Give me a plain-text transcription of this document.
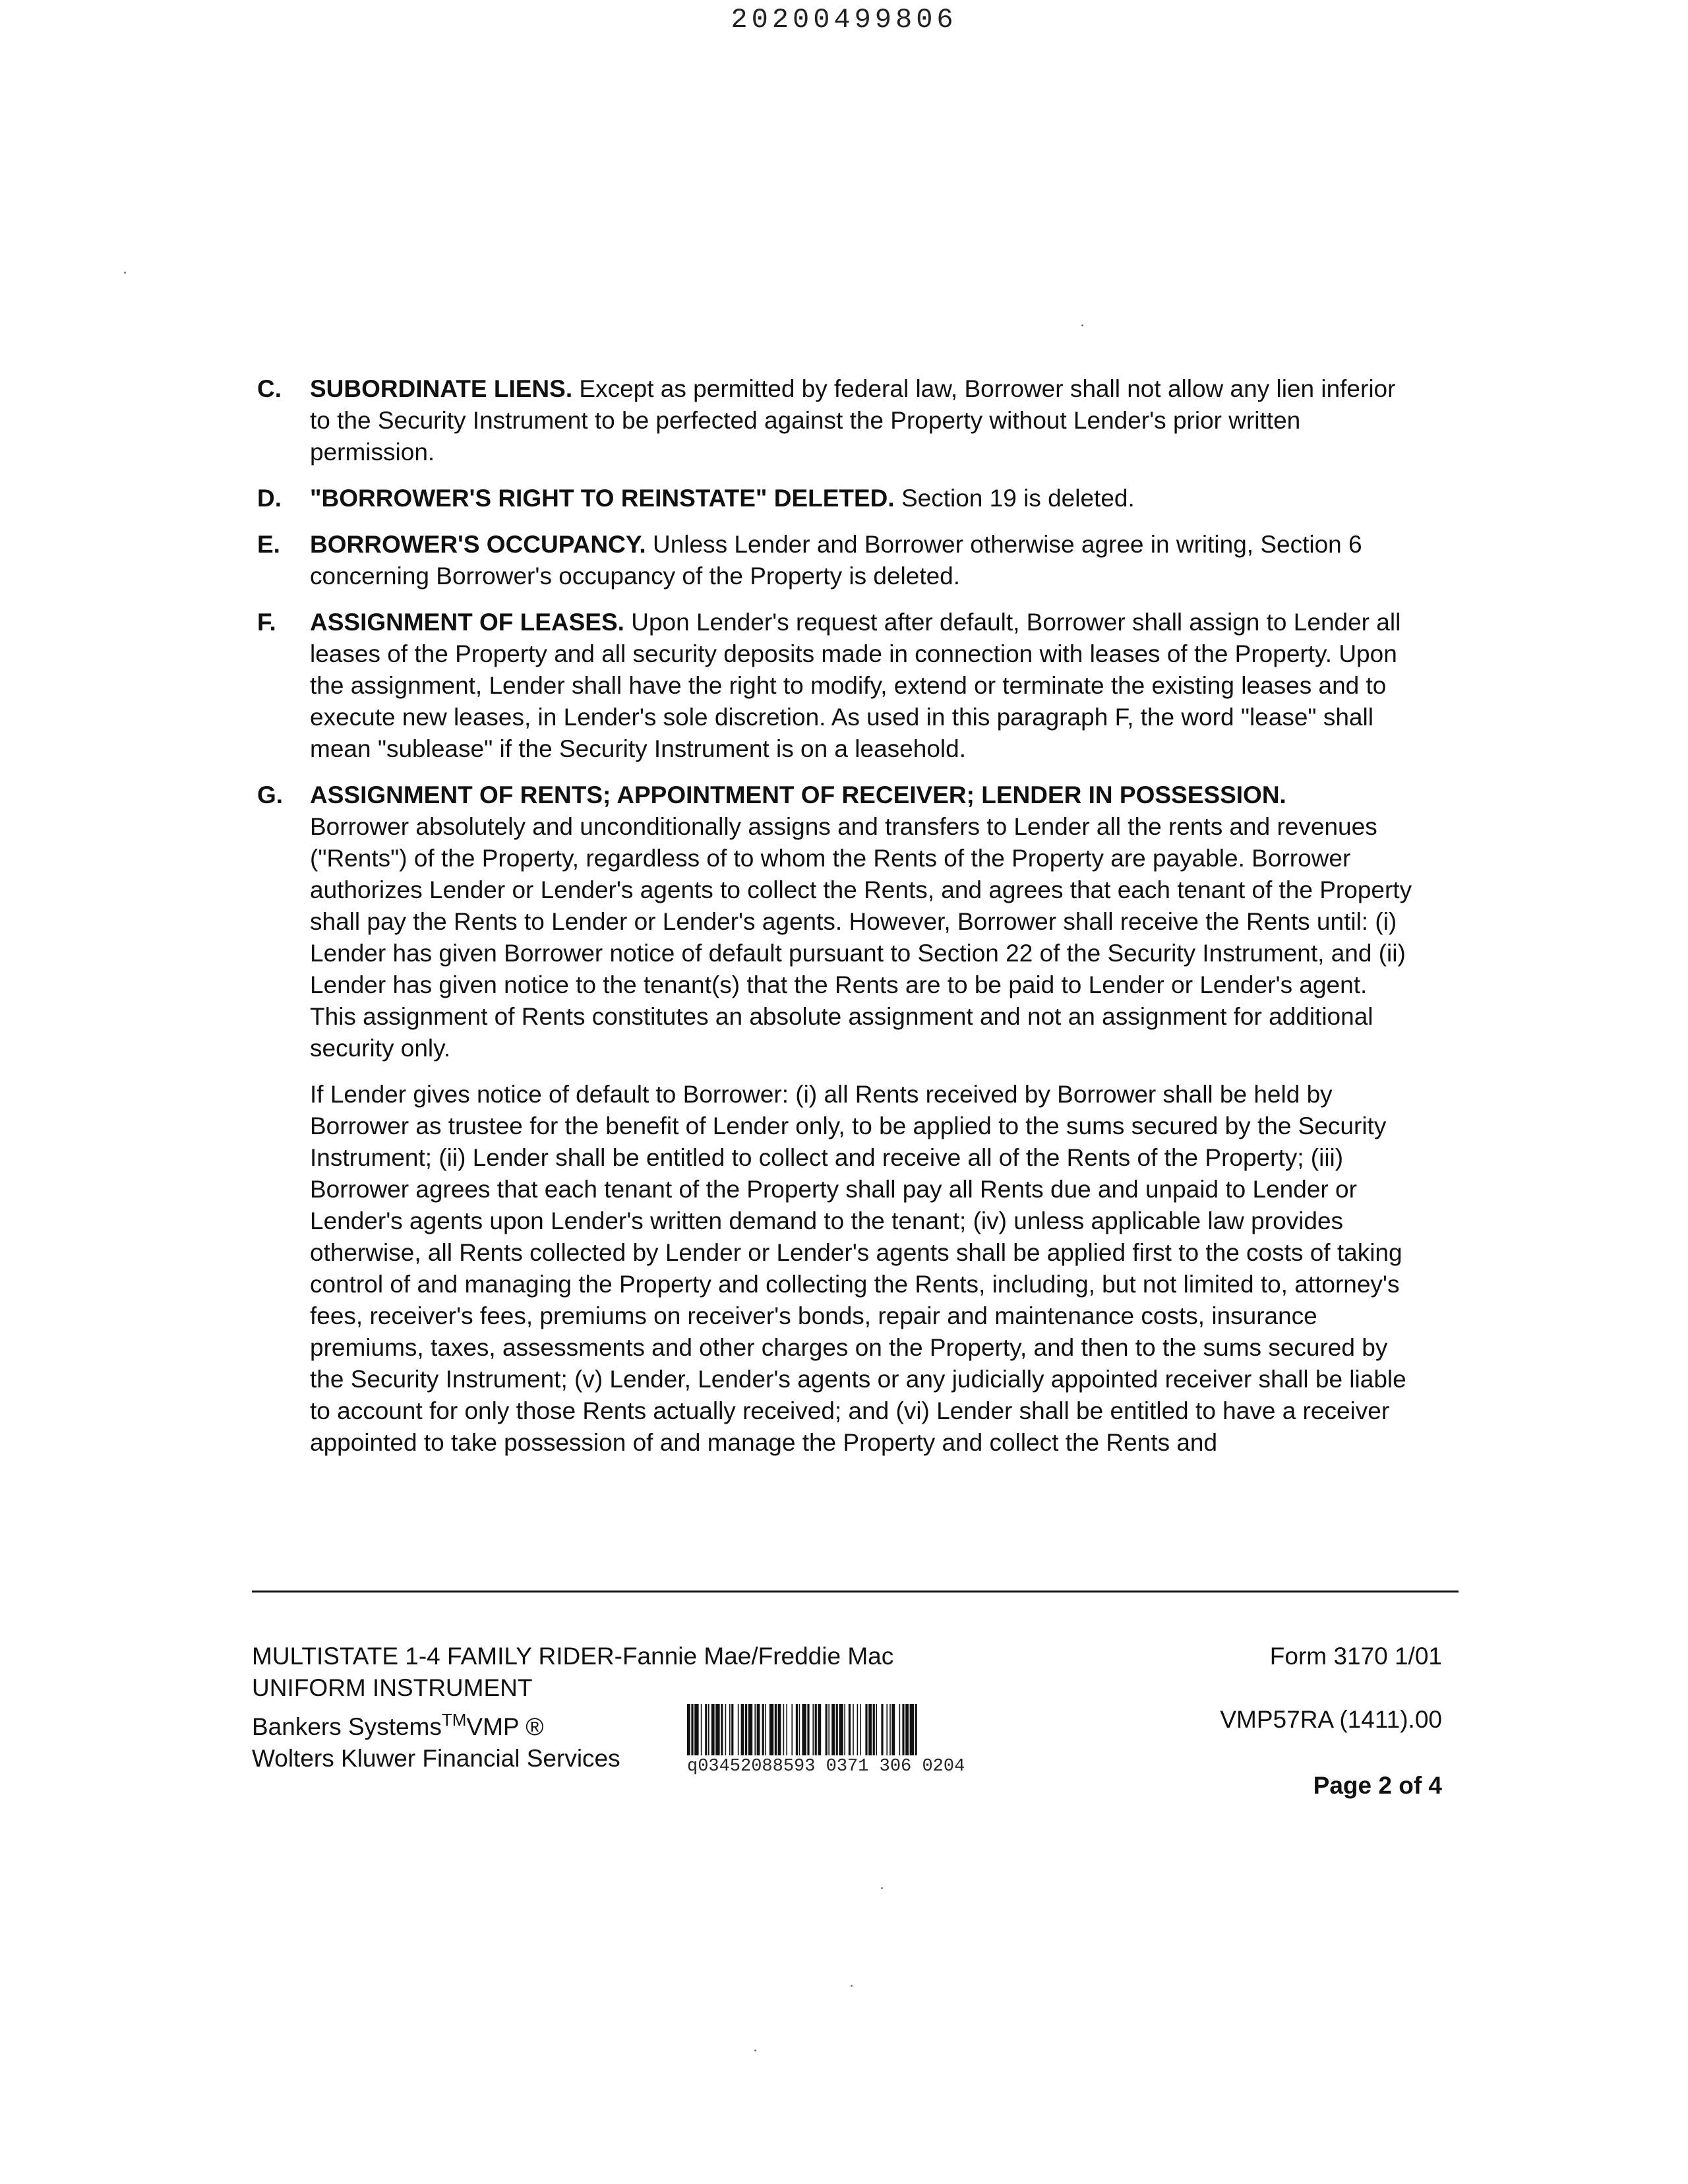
20200499806
C. SUBORDINATE LIENS. Except as permitted by federal law, Borrower shall not allow any lien inferior to the Security Instrument to be perfected against the Property without Lender's prior written permission.
D. "BORROWER'S RIGHT TO REINSTATE" DELETED. Section 19 is deleted.
E. BORROWER'S OCCUPANCY. Unless Lender and Borrower otherwise agree in writing, Section 6 concerning Borrower's occupancy of the Property is deleted.
F. ASSIGNMENT OF LEASES. Upon Lender's request after default, Borrower shall assign to Lender all leases of the Property and all security deposits made in connection with leases of the Property. Upon the assignment, Lender shall have the right to modify, extend or terminate the existing leases and to execute new leases, in Lender's sole discretion. As used in this paragraph F, the word "lease" shall mean "sublease" if the Security Instrument is on a leasehold.
G. ASSIGNMENT OF RENTS; APPOINTMENT OF RECEIVER; LENDER IN POSSESSION.
Borrower absolutely and unconditionally assigns and transfers to Lender all the rents and revenues ("Rents") of the Property, regardless of to whom the Rents of the Property are payable. Borrower authorizes Lender or Lender's agents to collect the Rents, and agrees that each tenant of the Property shall pay the Rents to Lender or Lender's agents. However, Borrower shall receive the Rents until: (i) Lender has given Borrower notice of default pursuant to Section 22 of the Security Instrument, and (ii) Lender has given notice to the tenant(s) that the Rents are to be paid to Lender or Lender's agent. This assignment of Rents constitutes an absolute assignment and not an assignment for additional security only.
If Lender gives notice of default to Borrower: (i) all Rents received by Borrower shall be held by Borrower as trustee for the benefit of Lender only, to be applied to the sums secured by the Security Instrument; (ii) Lender shall be entitled to collect and receive all of the Rents of the Property; (iii) Borrower agrees that each tenant of the Property shall pay all Rents due and unpaid to Lender or Lender's agents upon Lender's written demand to the tenant; (iv) unless applicable law provides otherwise, all Rents collected by Lender or Lender's agents shall be applied first to the costs of taking control of and managing the Property and collecting the Rents, including, but not limited to, attorney's fees, receiver's fees, premiums on receiver's bonds, repair and maintenance costs, insurance premiums, taxes, assessments and other charges on the Property, and then to the sums secured by the Security Instrument; (v) Lender, Lender's agents or any judicially appointed receiver shall be liable to account for only those Rents actually received; and (vi) Lender shall be entitled to have a receiver appointed to take possession of and manage the Property and collect the Rents and
MULTISTATE 1-4 FAMILY RIDER-Fannie Mae/Freddie Mac
UNIFORM INSTRUMENT
Bankers Systems™VMP ®
Wolters Kluwer Financial Services	q03452088593 0371 306 0204
Form 3170 1/01
VMP57RA (1411).00
Page 2 of 4
